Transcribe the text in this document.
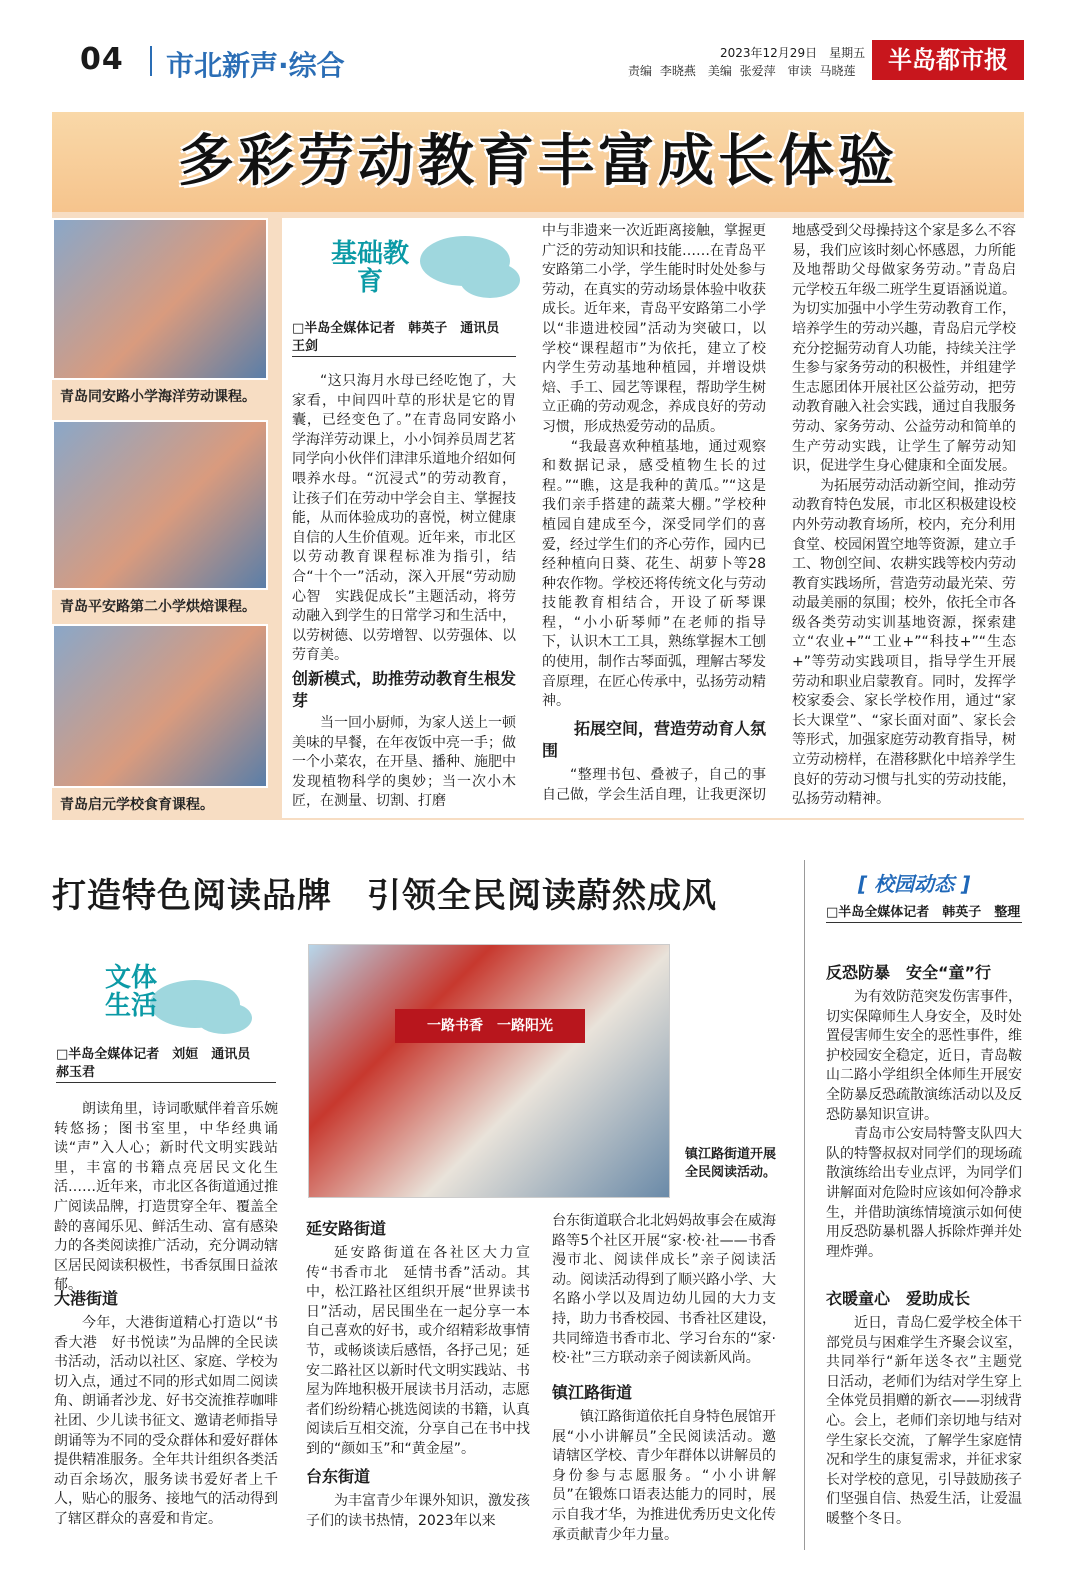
04 市北新声·综合	2023年12月29日　星期五
责编 李晓燕　美编 张爱萍　审读 马晓莲	半岛都市报
多彩劳动教育丰富成长体验
青岛同安路小学海洋劳动课程。
青岛平安路第二小学烘焙课程。
青岛启元学校食育课程。
基础教育
□半岛全媒体记者　韩英子　通讯员　王剑
“这只海月水母已经吃饱了，大家看，中间四叶草的形状是它的胃囊，已经变色了。”在青岛同安路小学海洋劳动课上，小小饲养员周艺茗同学向小伙伴们津津乐道地介绍如何喂养水母。“沉浸式”的劳动教育，让孩子们在劳动中学会自主、掌握技能，从而体验成功的喜悦，树立健康自信的人生价值观。近年来，市北区以劳动教育课程标准为指引，结合“十个一”活动，深入开展“劳动励心智　实践促成长”主题活动，将劳动融入到学生的日常学习和生活中，以劳树德、以劳增智、以劳强体、以劳育美。
创新模式，助推劳动教育生根发芽
当一回小厨师，为家人送上一顿美味的早餐，在年夜饭中亮一手；做一个小菜农，在开垦、播种、施肥中发现植物科学的奥妙；当一次小木匠，在测量、切割、打磨
中与非遗来一次近距离接触，掌握更广泛的劳动知识和技能……在青岛平安路第二小学，学生能时时处处参与劳动，在真实的劳动场景体验中收获成长。近年来，青岛平安路第二小学以“非遗进校园”活动为突破口，以学校“课程超市”为依托，建立了校内学生劳动基地种植园，并增设烘焙、手工、园艺等课程，帮助学生树立正确的劳动观念，养成良好的劳动习惯，形成热爱劳动的品质。
　　“我最喜欢种植基地，通过观察和数据记录，感受植物生长的过程。”“瞧，这是我种的黄瓜。”“这是我们亲手搭建的蔬菜大棚。”学校种植园自建成至今，深受同学们的喜爱，经过学生们的齐心劳作，园内已经种植向日葵、花生、胡萝卜等28种农作物。学校还将传统文化与劳动技能教育相结合，开设了斫琴课程，“小小斫琴师”在老师的指导下，认识木工工具，熟练掌握木工刨的使用，制作古琴面弧，理解古琴发音原理，在匠心传承中，弘扬劳动精神。
拓展空间，营造劳动育人氛围
“整理书包、叠被子，自己的事自己做，学会生活自理，让我更深切
地感受到父母操持这个家是多么不容易，我们应该时刻心怀感恩，力所能及地帮助父母做家务劳动。”青岛启元学校五年级二班学生夏语涵说道。为切实加强中小学生劳动教育工作，培养学生的劳动兴趣，青岛启元学校充分挖掘劳动育人功能，持续关注学生参与家务劳动的积极性，并组建学生志愿团体开展社区公益劳动，把劳动教育融入社会实践，通过自我服务劳动、家务劳动、公益劳动和简单的生产劳动实践，让学生了解劳动知识，促进学生身心健康和全面发展。
　　为拓展劳动活动新空间，推动劳动教育特色发展，市北区积极建设校内外劳动教育场所，校内，充分利用食堂、校园闲置空地等资源，建立手工、物创空间、农耕实践等校内劳动教育实践场所，营造劳动最光荣、劳动最美丽的氛围；校外，依托全市各级各类劳动实训基地资源，探索建立“农业+”“工业+”“科技+”“生态+”等劳动实践项目，指导学生开展劳动和职业启蒙教育。同时，发挥学校家委会、家长学校作用，通过“家长大课堂”、“家长面对面”、家长会等形式，加强家庭劳动教育指导，树立劳动榜样，在潜移默化中培养学生良好的劳动习惯与扎实的劳动技能，弘扬劳动精神。
打造特色阅读品牌　引领全民阅读蔚然成风
文体生活
□半岛全媒体记者　刘姮　通讯员　郝玉君
朗读角里，诗词歌赋伴着音乐婉转悠扬；图书室里，中华经典诵读“声”入人心；新时代文明实践站里，丰富的书籍点亮居民文化生活……近年来，市北区各街道通过推广阅读品牌，打造贯穿全年、覆盖全龄的喜闻乐见、鲜活生动、富有感染力的各类阅读推广活动，充分调动辖区居民阅读积极性，书香氛围日益浓郁。
大港街道
今年，大港街道精心打造以“书香大港　好书悦读”为品牌的全民读书活动，活动以社区、家庭、学校为切入点，通过不同的形式如周二阅读角、朗诵者沙龙、好书交流推荐咖啡社团、少儿读书征文、邀请老师指导朗诵等为不同的受众群体和爱好群体提供精准服务。全年共计组织各类活动百余场次，服务读书爱好者上千人，贴心的服务、接地气的活动得到了辖区群众的喜爱和肯定。
一路书香　一路阳光
镇江路街道开展全民阅读活动。
延安路街道
延安路街道在各社区大力宣传“书香市北　延情书香”活动。其中，松江路社区组织开展“世界读书日”活动，居民围坐在一起分享一本自己喜欢的好书，或介绍精彩故事情节，或畅谈读后感悟，各抒己见；延安二路社区以新时代文明实践站、书屋为阵地积极开展读书月活动，志愿者们纷纷精心挑选阅读的书籍，认真阅读后互相交流，分享自己在书中找到的“颜如玉”和“黄金屋”。
台东街道
为丰富青少年课外知识，激发孩子们的读书热情，2023年以来
台东街道联合北北妈妈故事会在威海路等5个社区开展“家·校·社——书香漫市北、阅读伴成长”亲子阅读活动。阅读活动得到了顺兴路小学、大名路小学以及周边幼儿园的大力支持，助力书香校园、书香社区建设，共同缔造书香市北、学习台东的“家·校·社”三方联动亲子阅读新风尚。
镇江路街道
镇江路街道依托自身特色展馆开展“小小讲解员”全民阅读活动。邀请辖区学校、青少年群体以讲解员的身份参与志愿服务。“小小讲解员”在锻炼口语表达能力的同时，展示自我才华，为推进优秀历史文化传承贡献青少年力量。
[ 校园动态 ]
□半岛全媒体记者　韩英子　整理
反恐防暴　安全“童”行
为有效防范突发伤害事件，切实保障师生人身安全，及时处置侵害师生安全的恶性事件，维护校园安全稳定，近日，青岛鞍山二路小学组织全体师生开展安全防暴反恐疏散演练活动以及反恐防暴知识宣讲。
　　青岛市公安局特警支队四大队的特警叔叔对同学们的现场疏散演练给出专业点评，为同学们讲解面对危险时应该如何冷静求生，并借助演练情境演示如何使用反恐防暴机器人拆除炸弹并处理炸弹。
衣暖童心　爱助成长
近日，青岛仁爱学校全体干部党员与困难学生齐聚会议室，共同举行“新年送冬衣”主题党日活动，老师们为结对学生穿上全体党员捐赠的新衣——羽绒背心。会上，老师们亲切地与结对学生家长交流，了解学生家庭情况和学生的康复需求，并征求家长对学校的意见，引导鼓励孩子们坚强自信、热爱生活，让爱温暖整个冬日。
